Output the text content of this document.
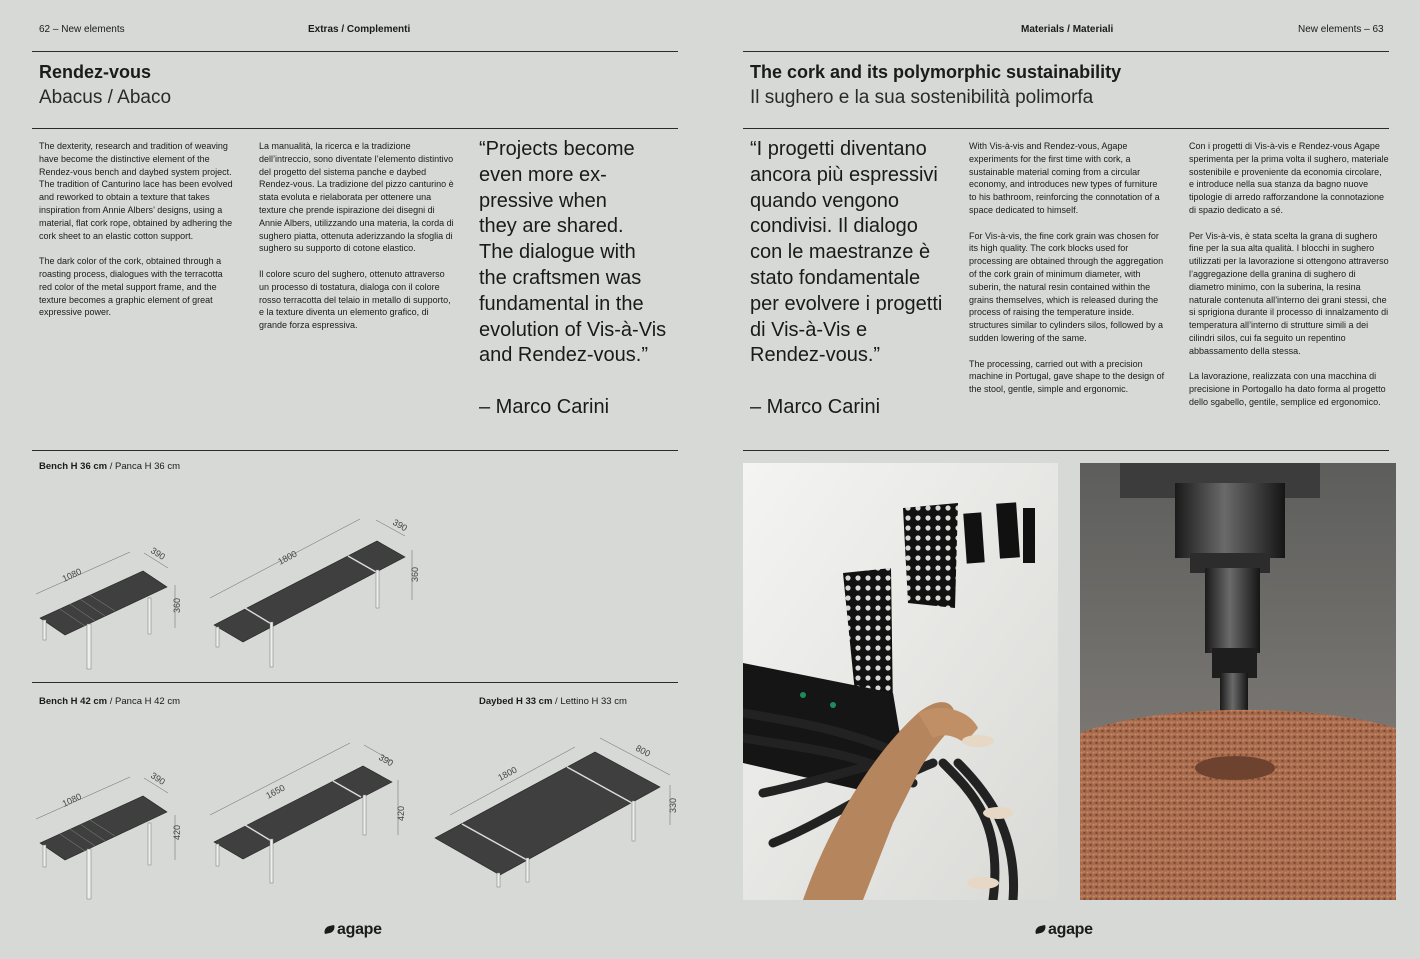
62 – New elements	Extras / Complementi
Rendez-vous
Abacus / Abaco

The dexterity, research and tradition of weaving have become the distinctive element of the Rendez-vous bench and daybed system project. The tradition of Canturino lace has been evolved and reworked to obtain a texture that takes inspiration from Annie Albers’ designs, using a material, flat cork rope, obtained by adhering the cork sheet to an elastic cotton support.

The dark color of the cork, obtained through a roasting process, dialogues with the terracotta red color of the metal support frame, and the texture becomes a graphic element of great expressive power.

La manualità, la ricerca e la tradizione dell’intreccio, sono diventate l’elemento distintivo del progetto del sistema panche e daybed Rendez-vous. La tradizione del pizzo canturino è stata evoluta e rielaborata per ottenere una texture che prende ispirazione dei disegni di Annie Albers, utilizzando una materia, la corda di sughero piatta, ottenuta aderizzando la sfoglia di sughero su supporto di cotone elastico.

Il colore scuro del sughero, ottenuto attraverso un processo di tostatura, dialoga con il colore rosso terracotta del telaio in metallo di supporto, e la texture diventa un elemento grafico, di grande forza espressiva.

“Projects become
even more ex-
pressive when
they are shared.
The dialogue with
the craftsmen was
fundamental in the
evolution of Vis-à-Vis
and Rendez-vous.”
– Marco Carini
Bench H 36 cm / Panca H 36 cm
1080
390
360
1800
390
360
Bench H 42 cm / Panca H 42 cm	Daybed H 33 cm / Lettino H 33 cm
1080
390
420
1650
390
420
1800
800
330
agape
Materials / Materiali	New elements – 63
The cork and its polymorphic sustainability
Il sughero e la sua sostenibilità polimorfa
“I progetti diventano
ancora più espressivi
quando vengono
condivisi. Il dialogo
con le maestranze è
stato fondamentale
per evolvere i progetti
di Vis-à-Vis e
Rendez-vous.”
– Marco Carini

With Vis-à-vis and Rendez-vous, Agape experiments for the first time with cork, a sustainable material coming from a circular economy, and introduces new types of furniture to his bathroom, reinforcing the connotation of a space dedicated to himself.

For Vis-à-vis, the fine cork grain was chosen for its high quality. The cork blocks used for processing are obtained through the aggregation of the cork grain of minimum diameter, with suberin, the natural resin contained within the grains themselves, which is released during the process of raising the temperature inside. structures similar to cylinders silos, followed by a sudden lowering of the same.

The processing, carried out with a precision machine in Portugal, gave shape to the design of the stool, gentle, simple and ergonomic.

Con i progetti di Vis-à-vis e Rendez-vous Agape sperimenta per la prima volta il sughero, materiale sostenibile e proveniente da economia circolare, e introduce nella sua stanza da bagno nuove tipologie di arredo rafforzandone la connotazione di spazio dedicato a sé.

Per Vis-à-vis, è stata scelta la grana di sughero fine per la sua alta qualità. I blocchi in sughero utilizzati per la lavorazione si ottengono attraverso l’aggregazione della granina di sughero di diametro minimo, con la suberina, la resina naturale contenuta all’interno dei grani stessi, che si sprigiona durante il processo di innalzamento di temperatura all’interno di strutture simili a dei cilindri silos, cui fa seguito un repentino abbassamento della stessa.

La lavorazione, realizzata con una macchina di precisione in Portogallo ha dato forma al progetto dello sgabello, gentile, semplice ed ergonomico.

agape
